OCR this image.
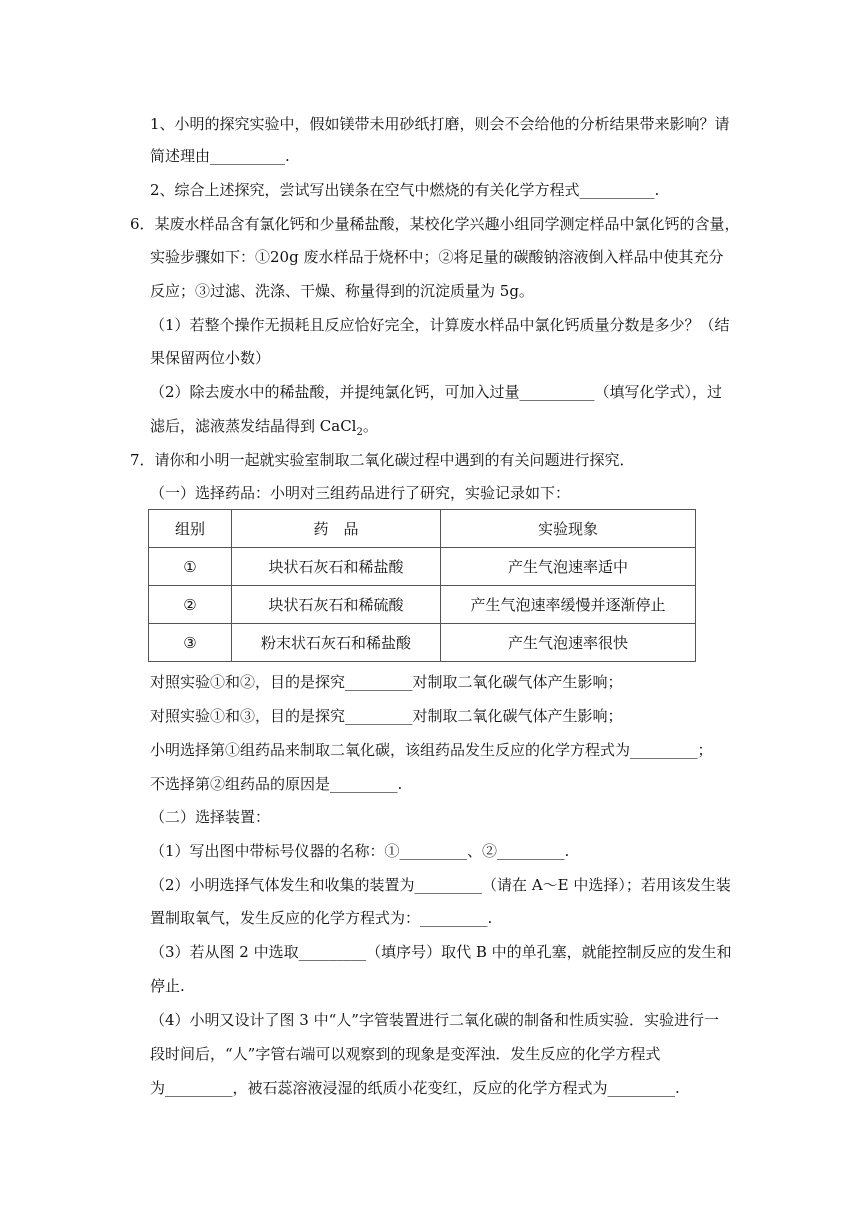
1、小明的探究实验中，假如镁带未用砂纸打磨，则会不会给他的分析结果带来影响？请
简述理由__________.
2、综合上述探究，尝试写出镁条在空气中燃烧的有关化学方程式__________.
6．某废水样品含有氯化钙和少量稀盐酸，某校化学兴趣小组同学测定样品中氯化钙的含量，
实验步骤如下：①20g 废水样品于烧杯中；②将足量的碳酸钠溶液倒入样品中使其充分
反应；③过滤、洗涤、干燥、称量得到的沉淀质量为 5g。
（1）若整个操作无损耗且反应恰好完全，计算废水样品中氯化钙质量分数是多少？（结
果保留两位小数）
（2）除去废水中的稀盐酸，并提纯氯化钙，可加入过量__________（填写化学式），过
滤后，滤液蒸发结晶得到 CaCl$_2$。
7．请你和小明一起就实验室制取二氧化碳过程中遇到的有关问题进行探究．
（一）选择药品：小明对三组药品进行了研究，实验记录如下：
组别	药　品	实验现象
①	块状石灰石和稀盐酸	产生气泡速率适中
②	块状石灰石和稀硫酸	产生气泡速率缓慢并逐渐停止
③	粉末状石灰石和稀盐酸	产生气泡速率很快
对照实验①和②，目的是探究_________对制取二氧化碳气体产生影响；
对照实验①和③，目的是探究_________对制取二氧化碳气体产生影响；
小明选择第①组药品来制取二氧化碳，该组药品发生反应的化学方程式为_________；
不选择第②组药品的原因是_________.
（二）选择装置：
（1）写出图中带标号仪器的名称：①_________、②_________.
（2）小明选择气体发生和收集的装置为_________（请在 A～E 中选择）；若用该发生装
置制取氧气，发生反应的化学方程式为：_________.
（3）若从图 2 中选取_________（填序号）取代 B 中的单孔塞，就能控制反应的发生和
停止.
（4）小明又设计了图 3 中“人”字管装置进行二氧化碳的制备和性质实验．实验进行一
段时间后，“人”字管右端可以观察到的现象是变浑浊．发生反应的化学方程式
为_________，被石蕊溶液浸湿的纸质小花变红，反应的化学方程式为_________.
